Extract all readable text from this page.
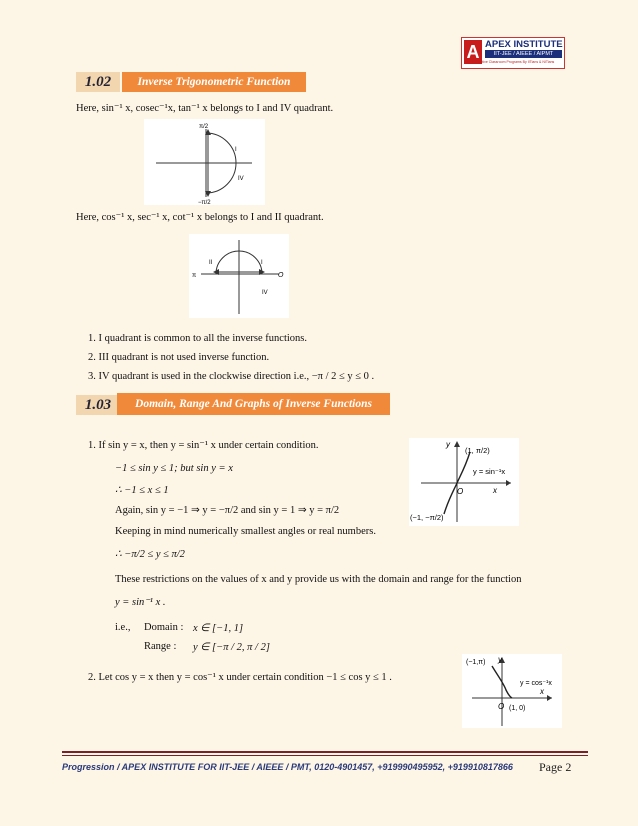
A APEX INSTITUTE
IIT-JEE / AIEEE / AIPMT
Interactive Classroom Programs By IITians & NITians
1.02	Inverse Trigonometric Function
Here, sin⁻¹ x, cosec⁻¹x, tan⁻¹ x belongs to I and IV quadrant.
π/2
−π/2
I
IV
Here, cos⁻¹ x, sec⁻¹ x, cot⁻¹ x belongs to I and II quadrant.
π	O
I
II
IV
1. I quadrant is common to all the inverse functions.
2. III quadrant is not used inverse function.
3. IV quadrant is used in the clockwise direction i.e., −π / 2 ≤ y ≤ 0 .
1.03	Domain, Range And Graphs of Inverse Functions
1. If sin y = x, then y = sin⁻¹ x under certain condition.
−1 ≤ sin y ≤ 1; but sin y = x
∴ −1 ≤ x ≤ 1
Again, sin y = −1 ⇒ y = −π/2 and sin y = 1 ⇒ y = π/2
Keeping in mind numerically smallest angles or real numbers.
∴ −π/2 ≤ y ≤ π/2
These restrictions on the values of x and y provide us with the domain and range for the function
y = sin⁻¹ x .
i.e., Domain : x ∈ [−1, 1]
Range : y ∈ [−π / 2, π / 2]
y
x
O
(1, π/2)
(−1, −π/2)
y = sin⁻¹x
2. Let cos y = x then y = cos⁻¹ x under certain condition −1 ≤ cos y ≤ 1 .
y
x
O
(−1,π)
(1, 0)
y = cos⁻¹x
Progression / APEX INSTITUTE FOR IIT-JEE / AIEEE / PMT, 0120-4901457, +919990495952, +919910817866 Page 2
